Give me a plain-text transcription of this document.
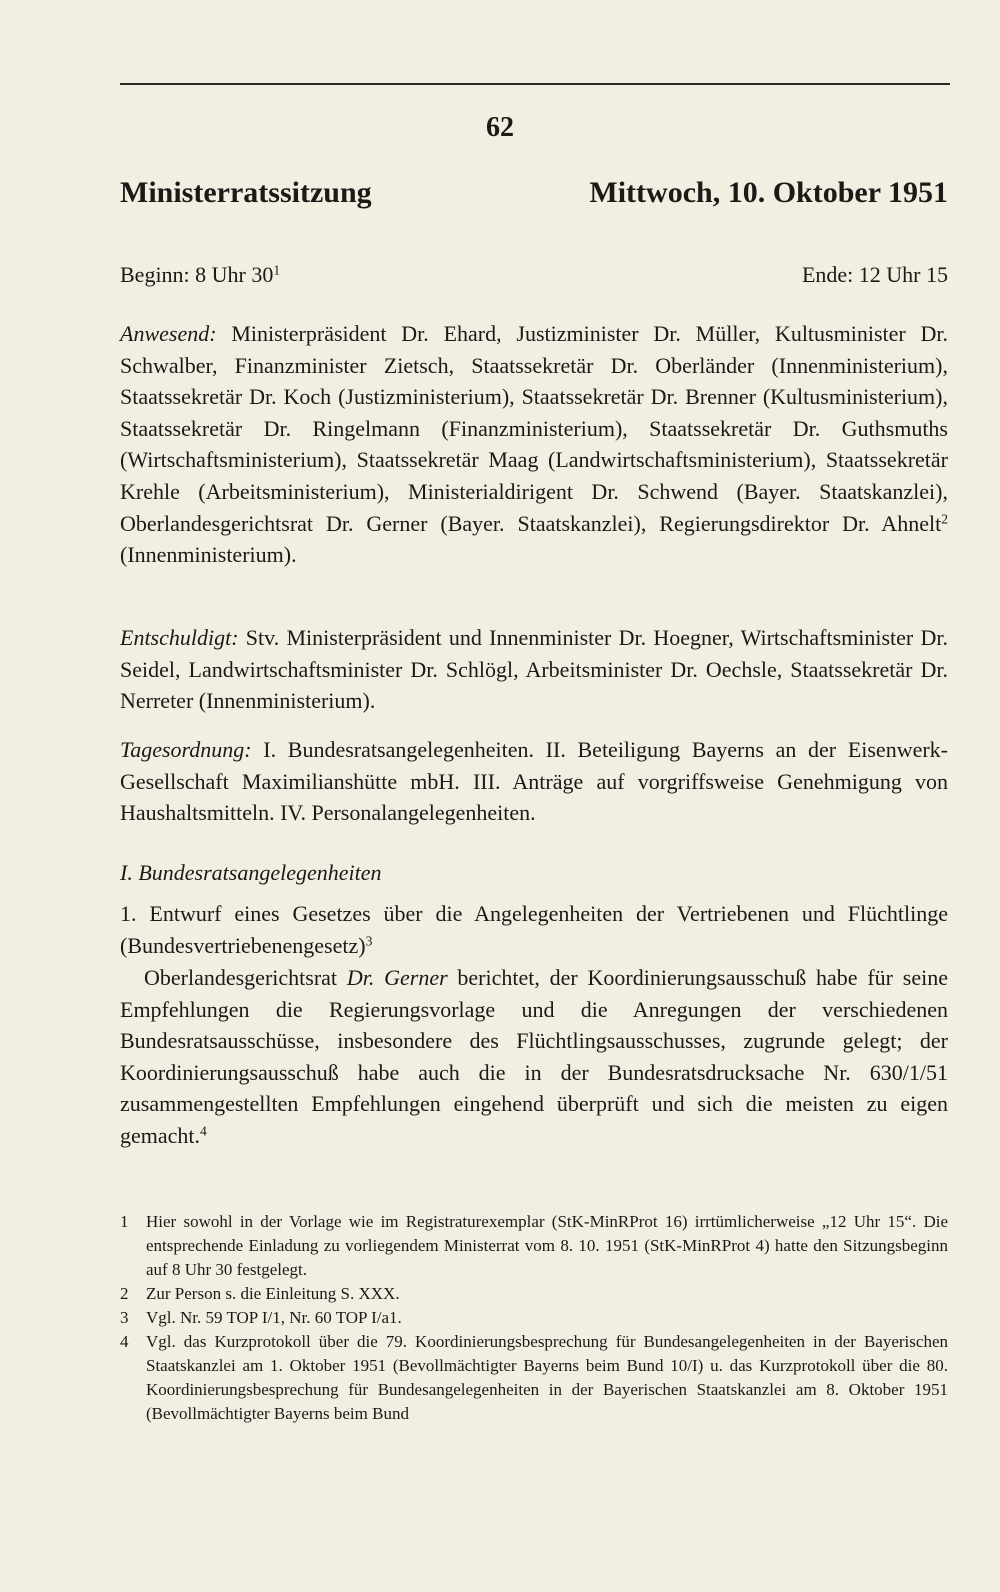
62
Ministerratssitzung	Mittwoch, 10. Oktober 1951
Beginn: 8 Uhr $30^1$	Ende: 12 Uhr 15
Anwesend: Ministerpräsident Dr. Ehard, Justizminister Dr. Müller, Kultusminister Dr. Schwalber, Finanzminister Zietsch, Staatssekretär Dr. Oberländer (Innenministerium), Staatssekretär Dr. Koch (Justizministerium), Staatssekretär Dr. Brenner (Kultusministerium), Staatssekretär Dr. Ringelmann (Finanzministerium), Staatssekretär Dr. Guthsmuths (Wirtschaftsministerium), Staatssekretär Maag (Landwirtschaftsministerium), Staatssekretär Krehle (Arbeitsministerium), Ministerialdirigent Dr. Schwend (Bayer. Staatskanzlei), Oberlandesgerichtsrat Dr. Gerner (Bayer. Staatskanzlei), Regierungsdirektor Dr. Ahnelt$^2$ (Innenministerium).
Entschuldigt: Stv. Ministerpräsident und Innenminister Dr. Hoegner, Wirtschaftsminister Dr. Seidel, Landwirtschaftsminister Dr. Schlögl, Arbeitsminister Dr. Oechsle, Staatssekretär Dr. Nerreter (Innenministerium).
Tagesordnung: I. Bundesratsangelegenheiten. II. Beteiligung Bayerns an der Eisenwerk-Gesellschaft Maximilianshütte mbH. III. Anträge auf vorgriffsweise Genehmigung von Haushaltsmitteln. IV. Personalangelegenheiten.
I. Bundesratsangelegenheiten
1. Entwurf eines Gesetzes über die Angelegenheiten der Vertriebenen und Flüchtlinge (Bundesvertriebenengesetz)$^3$
Oberlandesgerichtsrat Dr. Gerner berichtet, der Koordinierungsausschuß habe für seine Empfehlungen die Regierungsvorlage und die Anregungen der verschiedenen Bundesratsausschüsse, insbesondere des Flüchtlingsausschusses, zugrunde gelegt; der Koordinierungsausschuß habe auch die in der Bundesratsdrucksache Nr. 630/1/51 zusammengestellten Empfehlungen eingehend überprüft und sich die meisten zu eigen gemacht.$^4$
1	Hier sowohl in der Vorlage wie im Registraturexemplar (StK-MinRProt 16) irrtümlicherweise „12 Uhr 15“. Die entsprechende Einladung zu vorliegendem Ministerrat vom 8. 10. 1951 (StK-MinRProt 4) hatte den Sitzungsbeginn auf 8 Uhr 30 festgelegt.
2	Zur Person s. die Einleitung S. XXX.
3	Vgl. Nr. 59 TOP I/1, Nr. 60 TOP I/a1.
4	Vgl. das Kurzprotokoll über die 79. Koordinierungsbesprechung für Bundesangelegenheiten in der Bayerischen Staatskanzlei am 1. Oktober 1951 (Bevollmächtigter Bayerns beim Bund 10/I) u. das Kurzprotokoll über die 80. Koordinierungsbesprechung für Bundesangelegenheiten in der Bayerischen Staatskanzlei am 8. Oktober 1951 (Bevollmächtigter Bayerns beim Bund
